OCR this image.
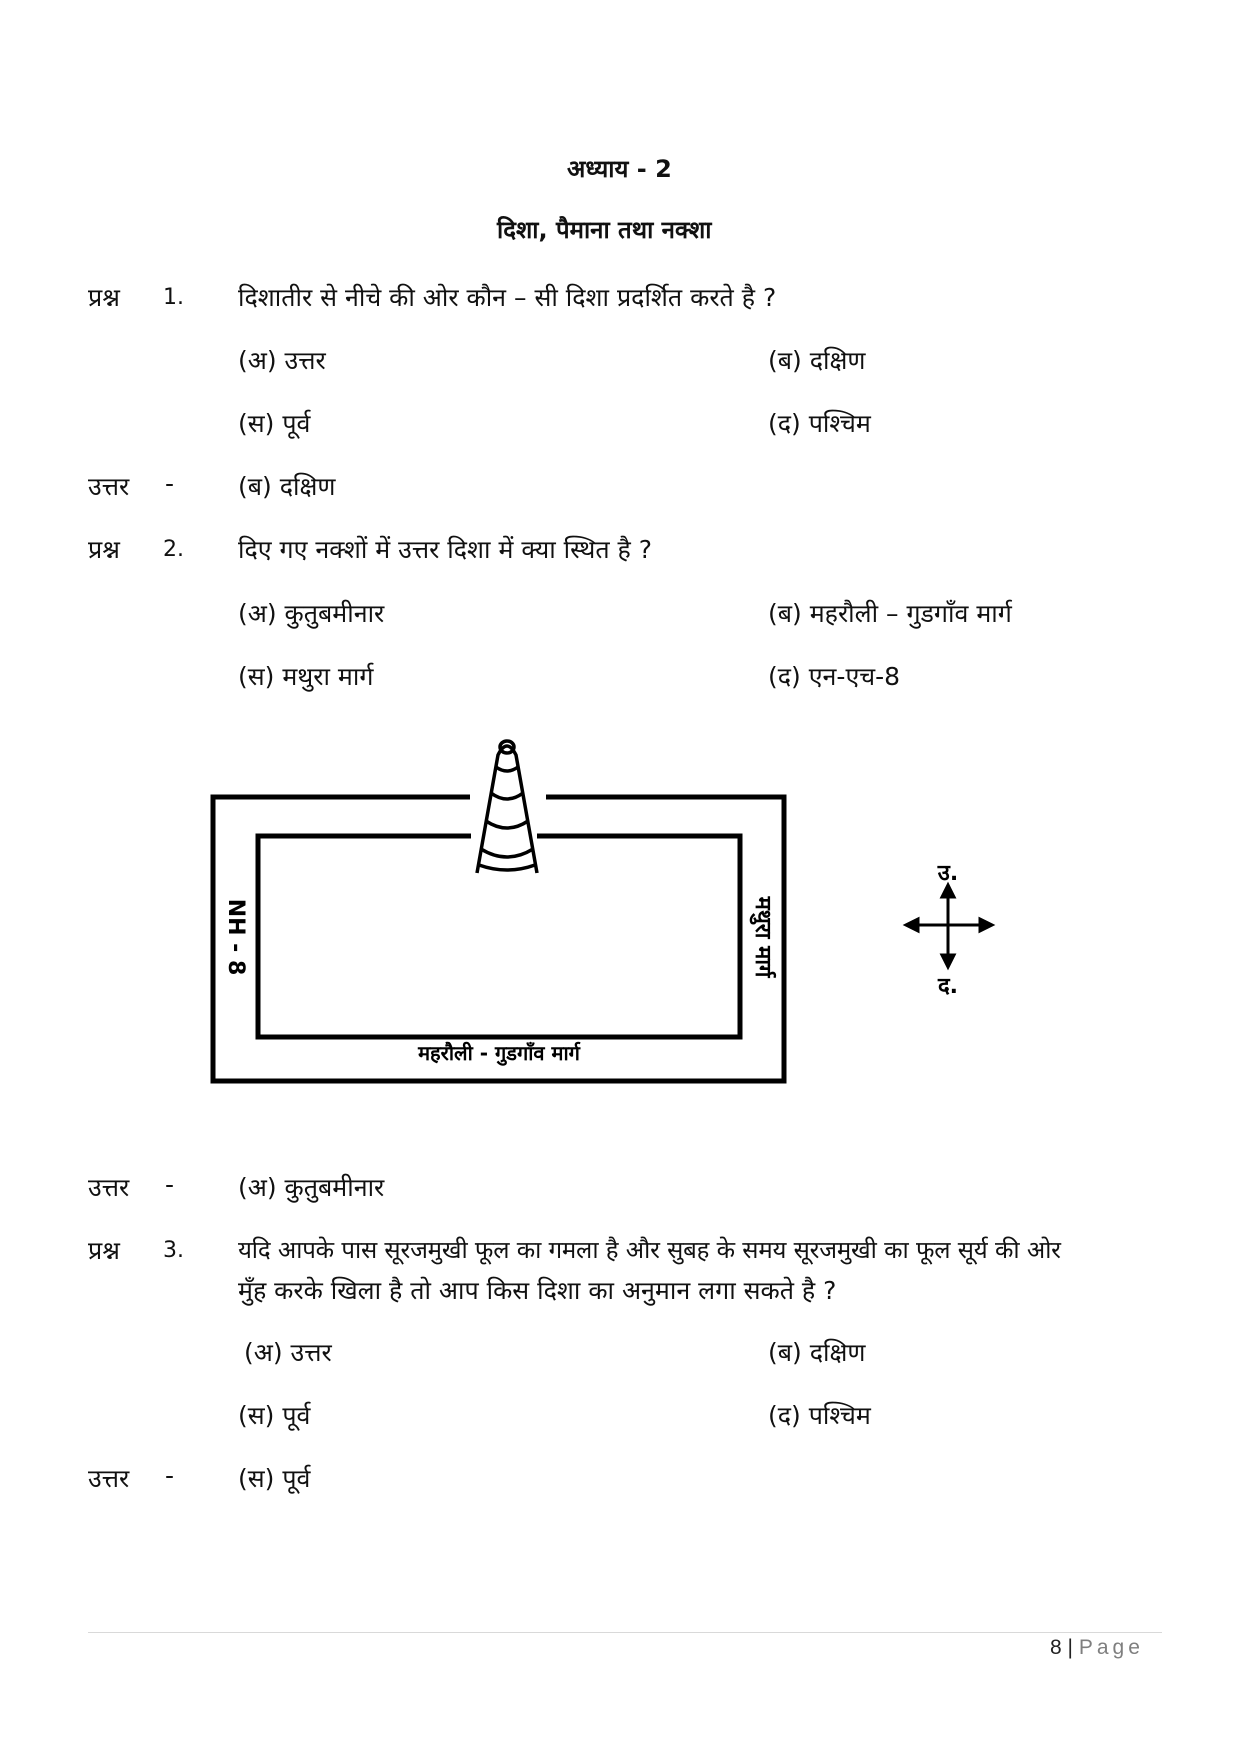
अध्याय - 2
दिशा, पैमाना तथा नक्शा
प्रश्न 1. दिशातीर से नीचे की ओर कौन – सी दिशा प्रदर्शित करते है ?
(अ) उत्तर	(ब) दक्षिण
(स) पूर्व	(द) पश्चिम
उत्तर -	(ब) दक्षिण
प्रश्न 2. दिए गए नक्शों में उत्तर दिशा में क्या स्थित है ?
(अ) कुतुबमीनार	(ब) महरौली – गुडगाँव मार्ग
(स) मथुरा मार्ग	(द) एन-एच-8
NH - 8	मथुरा मार्ग
महरौली - गुडगाँव मार्ग
उ.
द.
उत्तर -	(अ) कुतुबमीनार
प्रश्न 3. यदि आपके पास सूरजमुखी फूल का गमला है और सुबह के समय सूरजमुखी का फूल सूर्य की ओर
मुँह करके खिला है तो आप किस दिशा का अनुमान लगा सकते है ?
(अ) उत्तर	(ब) दक्षिण
(स) पूर्व	(द) पश्चिम
उत्तर -	(स) पूर्व
8 | Page
